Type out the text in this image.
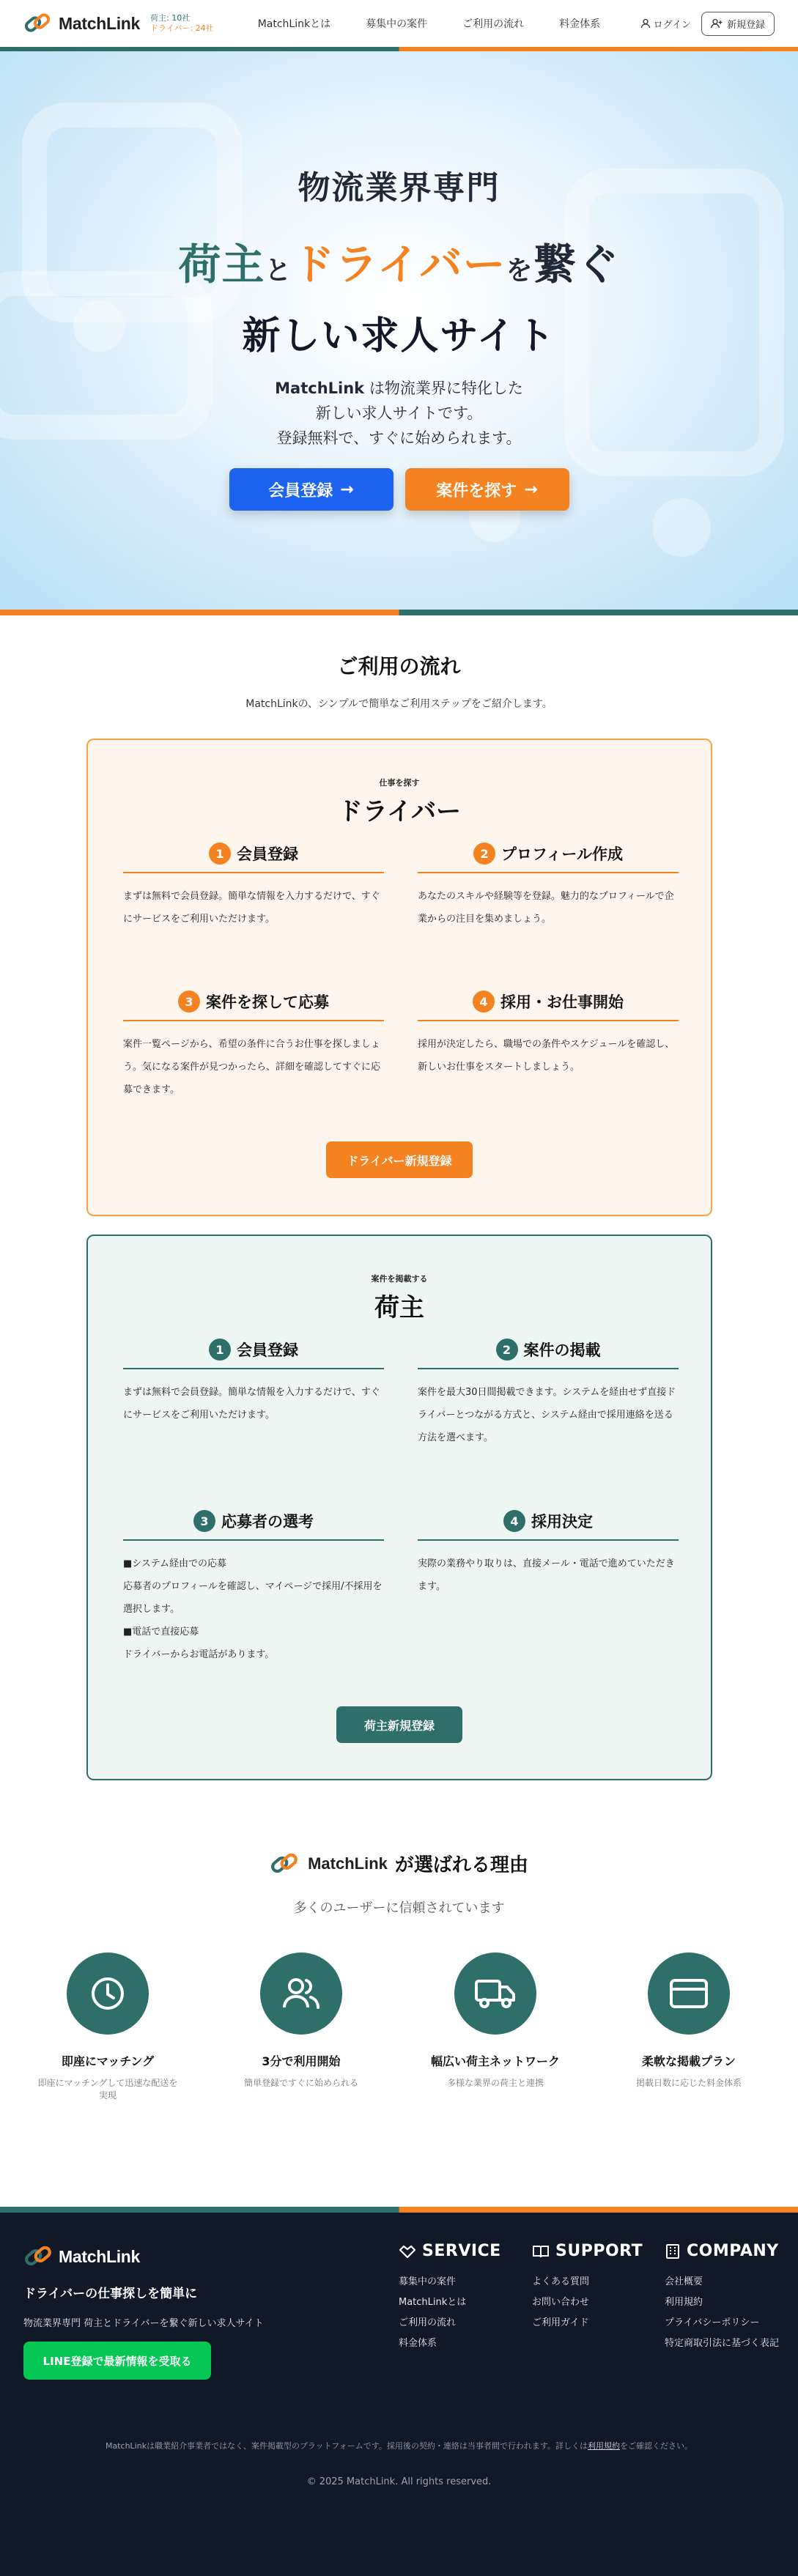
MatchLink 荷主: 10社
ドライバー: 24社	MatchLinkとは	募集中の案件	ご利用の流れ	料金体系	ログイン	新規登録
物流業界専門
荷主とドライバーを繋ぐ
新しい求人サイト
MatchLink は物流業界に特化した
新しい求人サイトです。
登録無料で、すぐに始められます。
会員登録 →	案件を探す →
ご利用の流れ

MatchLinkの、シンプルで簡単なご利用ステップをご紹介します。

仕事を探す
ドライバー
1 会員登録

まずは無料で会員登録。簡単な情報を入力するだけで、すぐにサービスをご利用いただけます。

2 プロフィール作成

あなたのスキルや経験等を登録。魅力的なプロフィールで企業からの注目を集めましょう。

3 案件を探して応募

案件一覧ページから、希望の条件に合うお仕事を探しましょう。気になる案件が見つかったら、詳細を確認してすぐに応募できます。

4 採用・お仕事開始

採用が決定したら、職場での条件やスケジュールを確認し、新しいお仕事をスタートしましょう。

ドライバー新規登録
案件を掲載する
荷主
1 会員登録

まずは無料で会員登録。簡単な情報を入力するだけで、すぐにサービスをご利用いただけます。

2 案件の掲載

案件を最大30日間掲載できます。システムを経由せず直接ドライバーとつながる方式と、システム経由で採用連絡を送る方法を選べます。

3 応募者の選考
■システム経由での応募
応募者のプロフィールを確認し、マイページで採用/不採用を選択します。
■電話で直接応募
ドライバーからお電話があります。
4 採用決定

実際の業務やり取りは、直接メール・電話で進めていただきます。

荷主新規登録
MatchLink が選ばれる理由

多くのユーザーに信頼されています

即座にマッチング
即座にマッチングして迅速な配送を実現
3分で利用開始
簡単登録ですぐに始められる
幅広い荷主ネットワーク
多様な業界の荷主と連携
柔軟な掲載プラン
掲載日数に応じた料金体系
MatchLink
ドライバーの仕事探しを簡単に
物流業界専門 荷主とドライバーを繋ぐ新しい求人サイト
LINE登録で最新情報を受取る
SERVICE
募集中の案件
MatchLinkとは
ご利用の流れ
料金体系
SUPPORT
よくある質問
お問い合わせ
ご利用ガイド
COMPANY
会社概要
利用規約
プライバシーポリシー
特定商取引法に基づく表記

MatchLinkは職業紹介事業者ではなく、案件掲載型のプラットフォームです。採用後の契約・連絡は当事者間で行われます。詳しくは利用規約をご確認ください。

© 2025 MatchLink. All rights reserved.
